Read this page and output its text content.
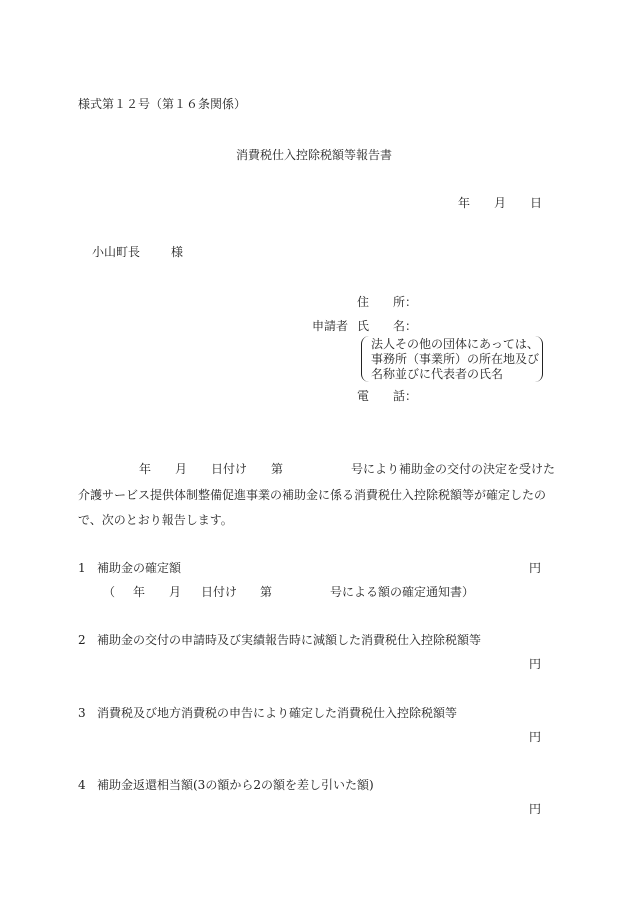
様式第１２号（第１６条関係）
消費税仕入控除税額等報告書
年 月 日
小山町長	様
住　　所：
申請者 氏　　名：
法人その他の団体にあっては、
事務所（事業所）の所在地及び
名称並びに代表者の氏名
電　　話：
年 月 日付け 第	号により補助金の交付の決定を受けた
介護サービス提供体制整備促進事業の補助金に係る消費税仕入控除税額等が確定したの
で、次のとおり報告します。
1 補助金の確定額	円
（ 年 月 日付け 第	号による額の確定通知書）
2 補助金の交付の申請時及び実績報告時に減額した消費税仕入控除税額等
円
3 消費税及び地方消費税の申告により確定した消費税仕入控除税額等
円
4 補助金返還相当額(3の額から2の額を差し引いた額)
円
